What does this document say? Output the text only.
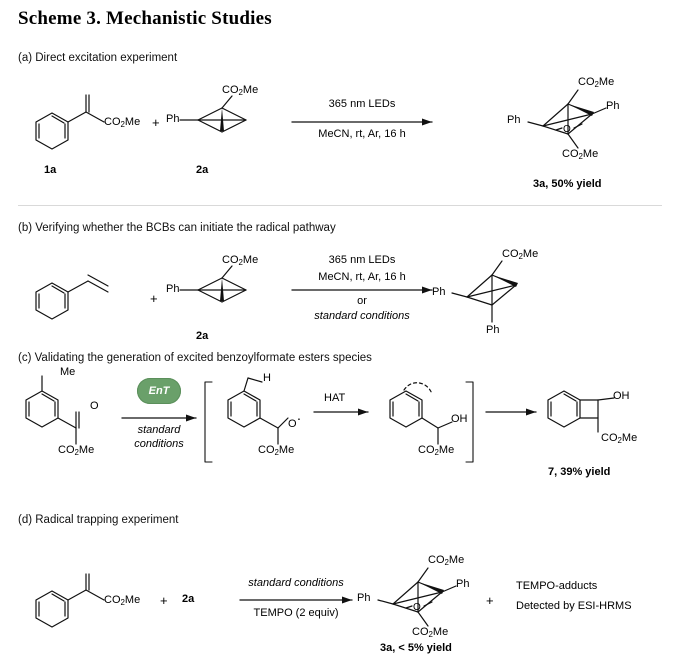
Scheme 3. Mechanistic Studies
(a) Direct excitation experiment
$CO_2Me + Ph$
$CO_2Me$
1a	2a
365 nm LEDs
MeCN, rt, Ar, 16 h
$CO_2Me$
$CO_2Me$
Ph
Ph
O
3a, 50% yield
(b) Verifying whether the BCBs can initiate the radical pathway
+
Ph
$CO_2Me$
2a
365 nm LEDs
MeCN, rt, Ar, 16 h
or
standard conditions
$CO_2Me$
Ph
Ph
(c) Validating the generation of excited benzoylformate esters species
Me
O
$CO_2Me$
EnT
standard
conditions
H
O·
$CO_2Me$
HAT
OH
$CO_2Me$
OH
$CO_2Me$
7, 39% yield
(d) Radical trapping experiment
$CO_2Me + 2a$
standard conditions
TEMPO (2 equiv)
$CO_2Me$
$CO_2Me$
Ph
Ph
O
3a, < 5% yield
+
TEMPO-adducts
Detected by ESI-HRMS
